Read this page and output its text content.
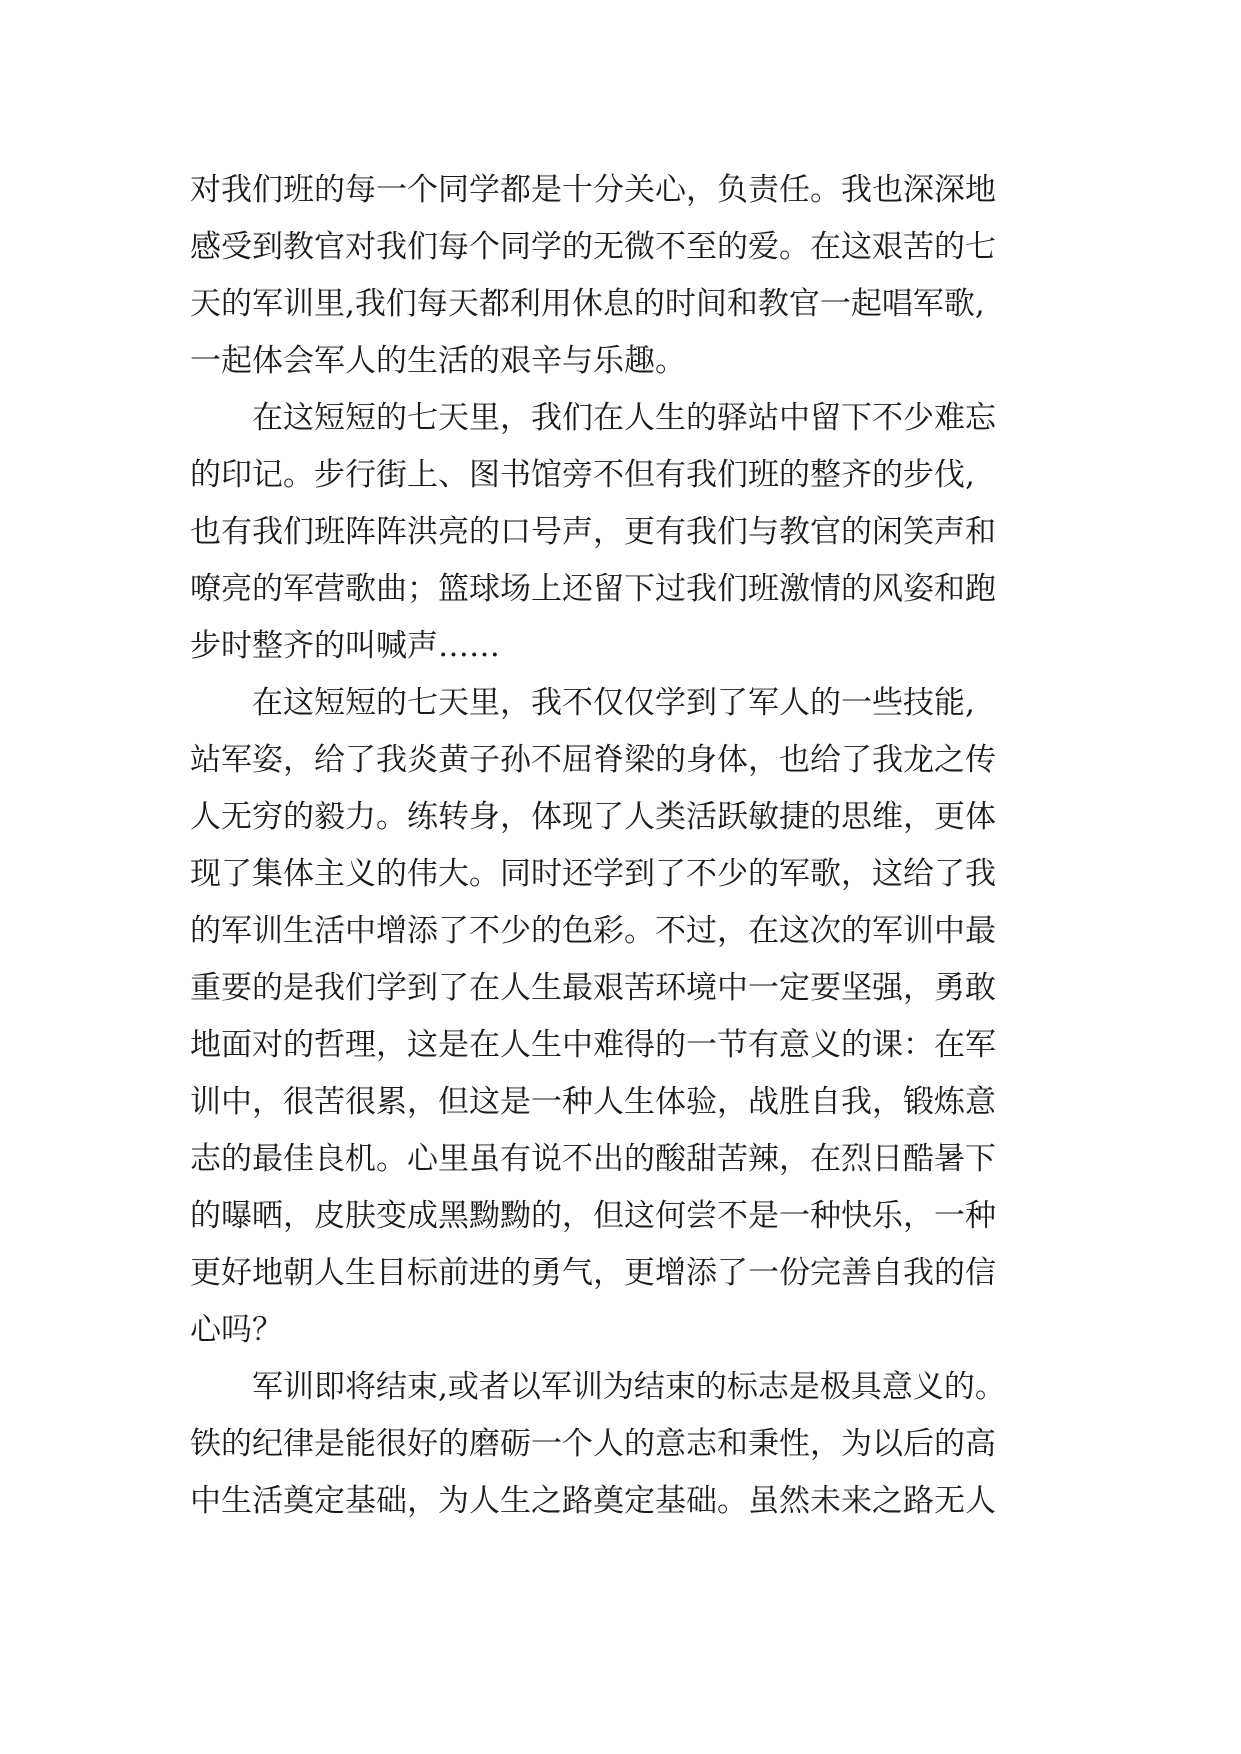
对我们班的每一个同学都是十分关心，负责任。我也深深地
感受到教官对我们每个同学的无微不至的爱。在这艰苦的七
天的军训里,我们每天都利用休息的时间和教官一起唱军歌,
一起体会军人的生活的艰辛与乐趣。
在这短短的七天里，我们在人生的驿站中留下不少难忘
的印记。步行街上、图书馆旁不但有我们班的整齐的步伐,
也有我们班阵阵洪亮的口号声，更有我们与教官的闲笑声和
嘹亮的军营歌曲；篮球场上还留下过我们班激情的风姿和跑
步时整齐的叫喊声……
在这短短的七天里，我不仅仅学到了军人的一些技能,
站军姿，给了我炎黄子孙不屈脊梁的身体，也给了我龙之传
人无穷的毅力。练转身，体现了人类活跃敏捷的思维，更体
现了集体主义的伟大。同时还学到了不少的军歌，这给了我
的军训生活中增添了不少的色彩。不过，在这次的军训中最
重要的是我们学到了在人生最艰苦环境中一定要坚强，勇敢
地面对的哲理，这是在人生中难得的一节有意义的课：在军
训中，很苦很累，但这是一种人生体验，战胜自我，锻炼意
志的最佳良机。心里虽有说不出的酸甜苦辣，在烈日酷暑下
的曝晒，皮肤变成黑黝黝的，但这何尝不是一种快乐，一种
更好地朝人生目标前进的勇气，更增添了一份完善自我的信
心吗？
军训即将结束,或者以军训为结束的标志是极具意义的。
铁的纪律是能很好的磨砺一个人的意志和秉性，为以后的高
中生活奠定基础，为人生之路奠定基础。虽然未来之路无人
